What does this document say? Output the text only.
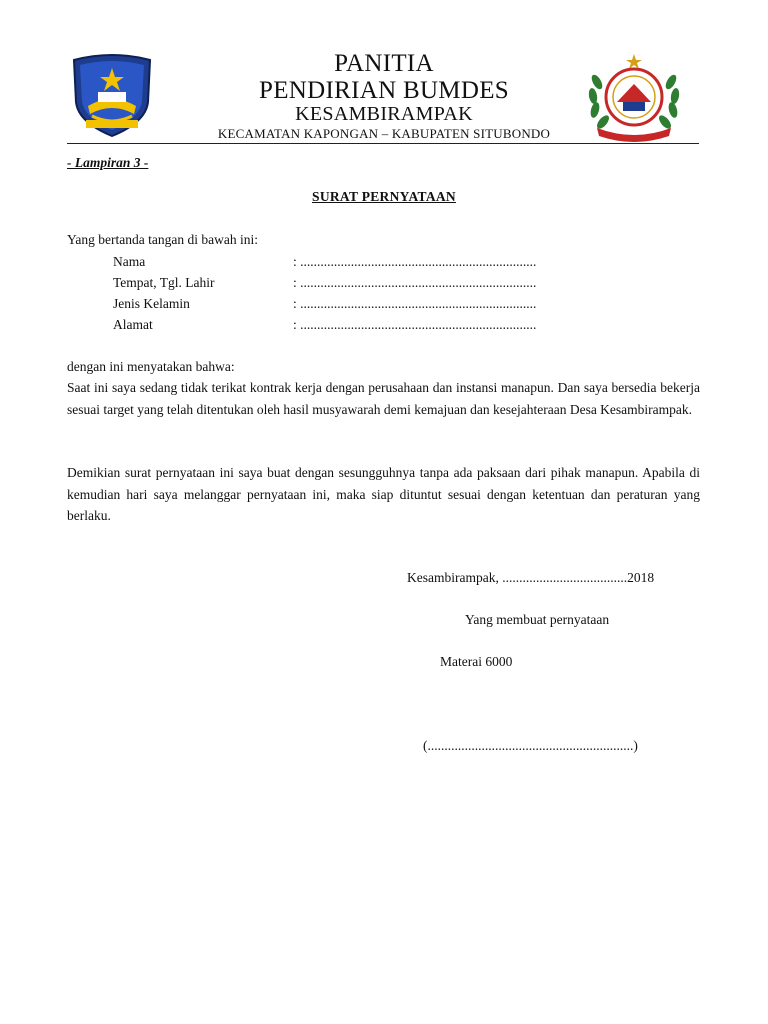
PANITIA
PENDIRIAN BUMDES
KESAMBIRAMPAK
KECAMATAN KAPONGAN – KABUPATEN SITUBONDO
- Lampiran 3 -
SURAT PERNYATAAN
Yang bertanda tangan di bawah ini:
Nama	: ......................................................................
Tempat, Tgl. Lahir	: ......................................................................
Jenis Kelamin	: ......................................................................
Alamat	: ......................................................................
dengan ini menyatakan bahwa:
Saat ini saya sedang tidak terikat kontrak kerja dengan perusahaan dan instansi manapun. Dan saya bersedia bekerja sesuai target yang telah ditentukan oleh hasil musyawarah demi kemajuan dan kesejahteraan Desa Kesambirampak.
Demikian surat pernyataan ini saya buat dengan sesungguhnya tanpa ada paksaan dari pihak manapun. Apabila di kemudian hari saya melanggar pernyataan ini, maka siap dituntut sesuai dengan ketentuan dan peraturan yang berlaku.
Kesambirampak, .....................................2018
Yang membuat pernyataan
Materai 6000
(.............................................................)
